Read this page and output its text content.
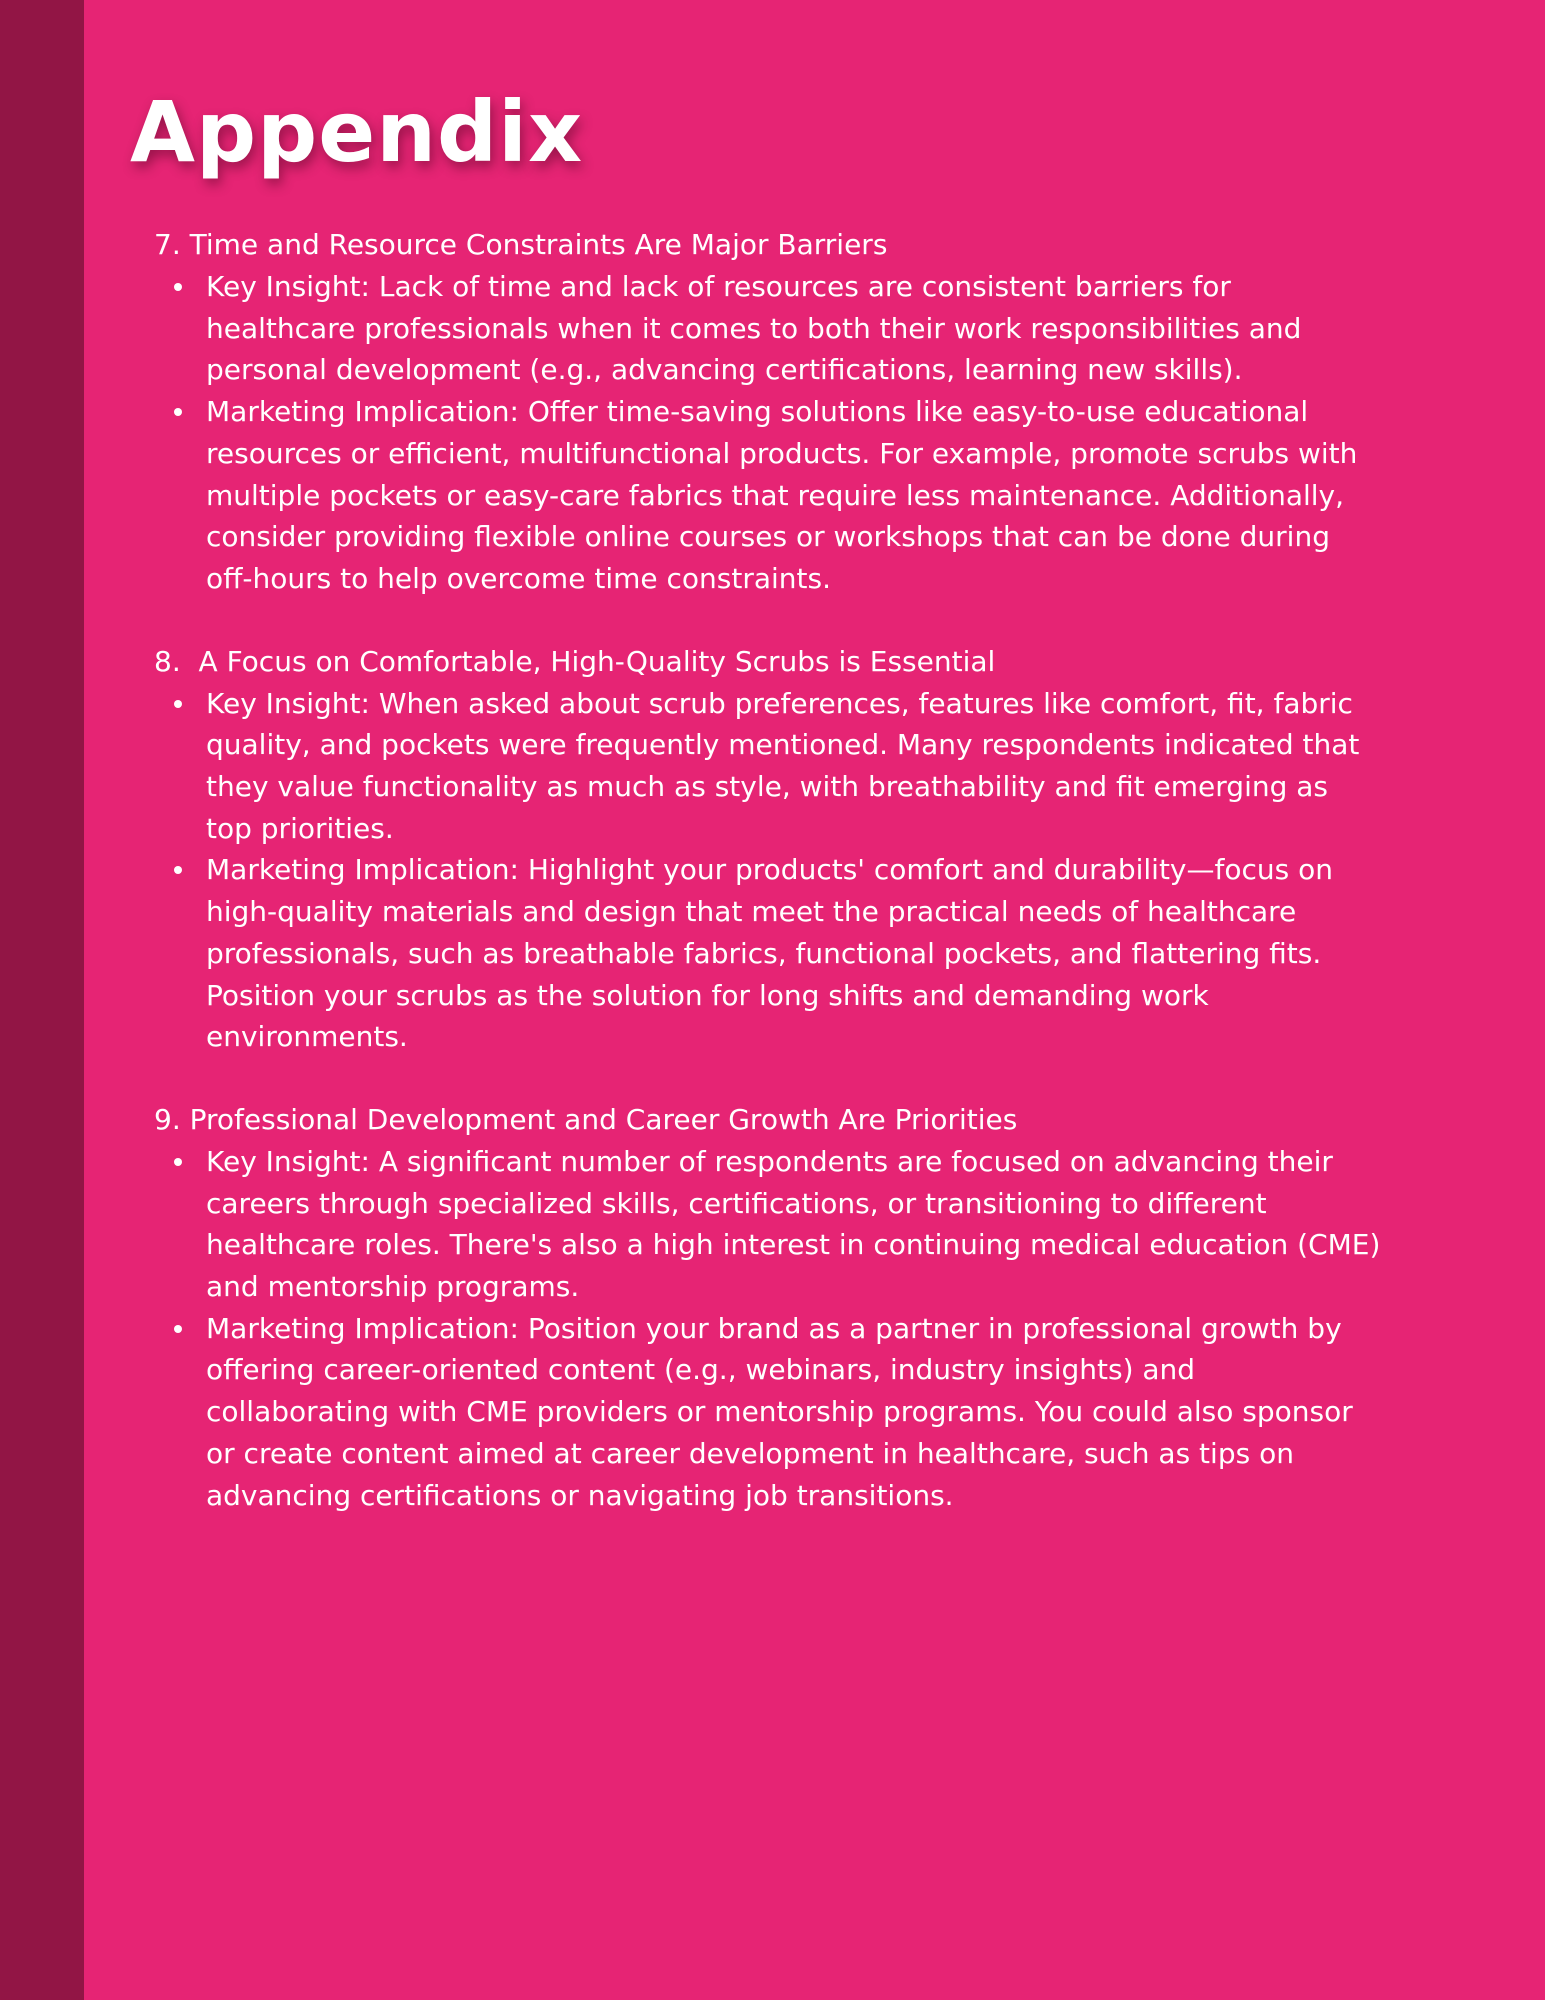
Appendix

7. Time and Resource Constraints Are Major Barriers

Key Insight: Lack of time and lack of resources are consistent barriers for healthcare professionals when it comes to both their work responsibilities and personal development (e.g., advancing certifications, learning new skills).
Marketing Implication: Offer time-saving solutions like easy-to-use educational resources or efficient, multifunctional products. For example, promote scrubs with multiple pockets or easy-care fabrics that require less maintenance. Additionally, consider providing flexible online courses or workshops that can be done during off-hours to help overcome time constraints.

8.  A Focus on Comfortable, High-Quality Scrubs is Essential

Key Insight: When asked about scrub preferences, features like comfort, fit, fabric quality, and pockets were frequently mentioned. Many respondents indicated that they value functionality as much as style, with breathability and fit emerging as top priorities.
Marketing Implication: Highlight your products' comfort and durability—focus on high-quality materials and design that meet the practical needs of healthcare professionals, such as breathable fabrics, functional pockets, and flattering fits. Position your scrubs as the solution for long shifts and demanding work environments.

9. Professional Development and Career Growth Are Priorities

Key Insight: A significant number of respondents are focused on advancing their careers through specialized skills, certifications, or transitioning to different healthcare roles. There's also a high interest in continuing medical education (CME) and mentorship programs.
Marketing Implication: Position your brand as a partner in professional growth by offering career-oriented content (e.g., webinars, industry insights) and collaborating with CME providers or mentorship programs. You could also sponsor or create content aimed at career development in healthcare, such as tips on advancing certifications or navigating job transitions.
